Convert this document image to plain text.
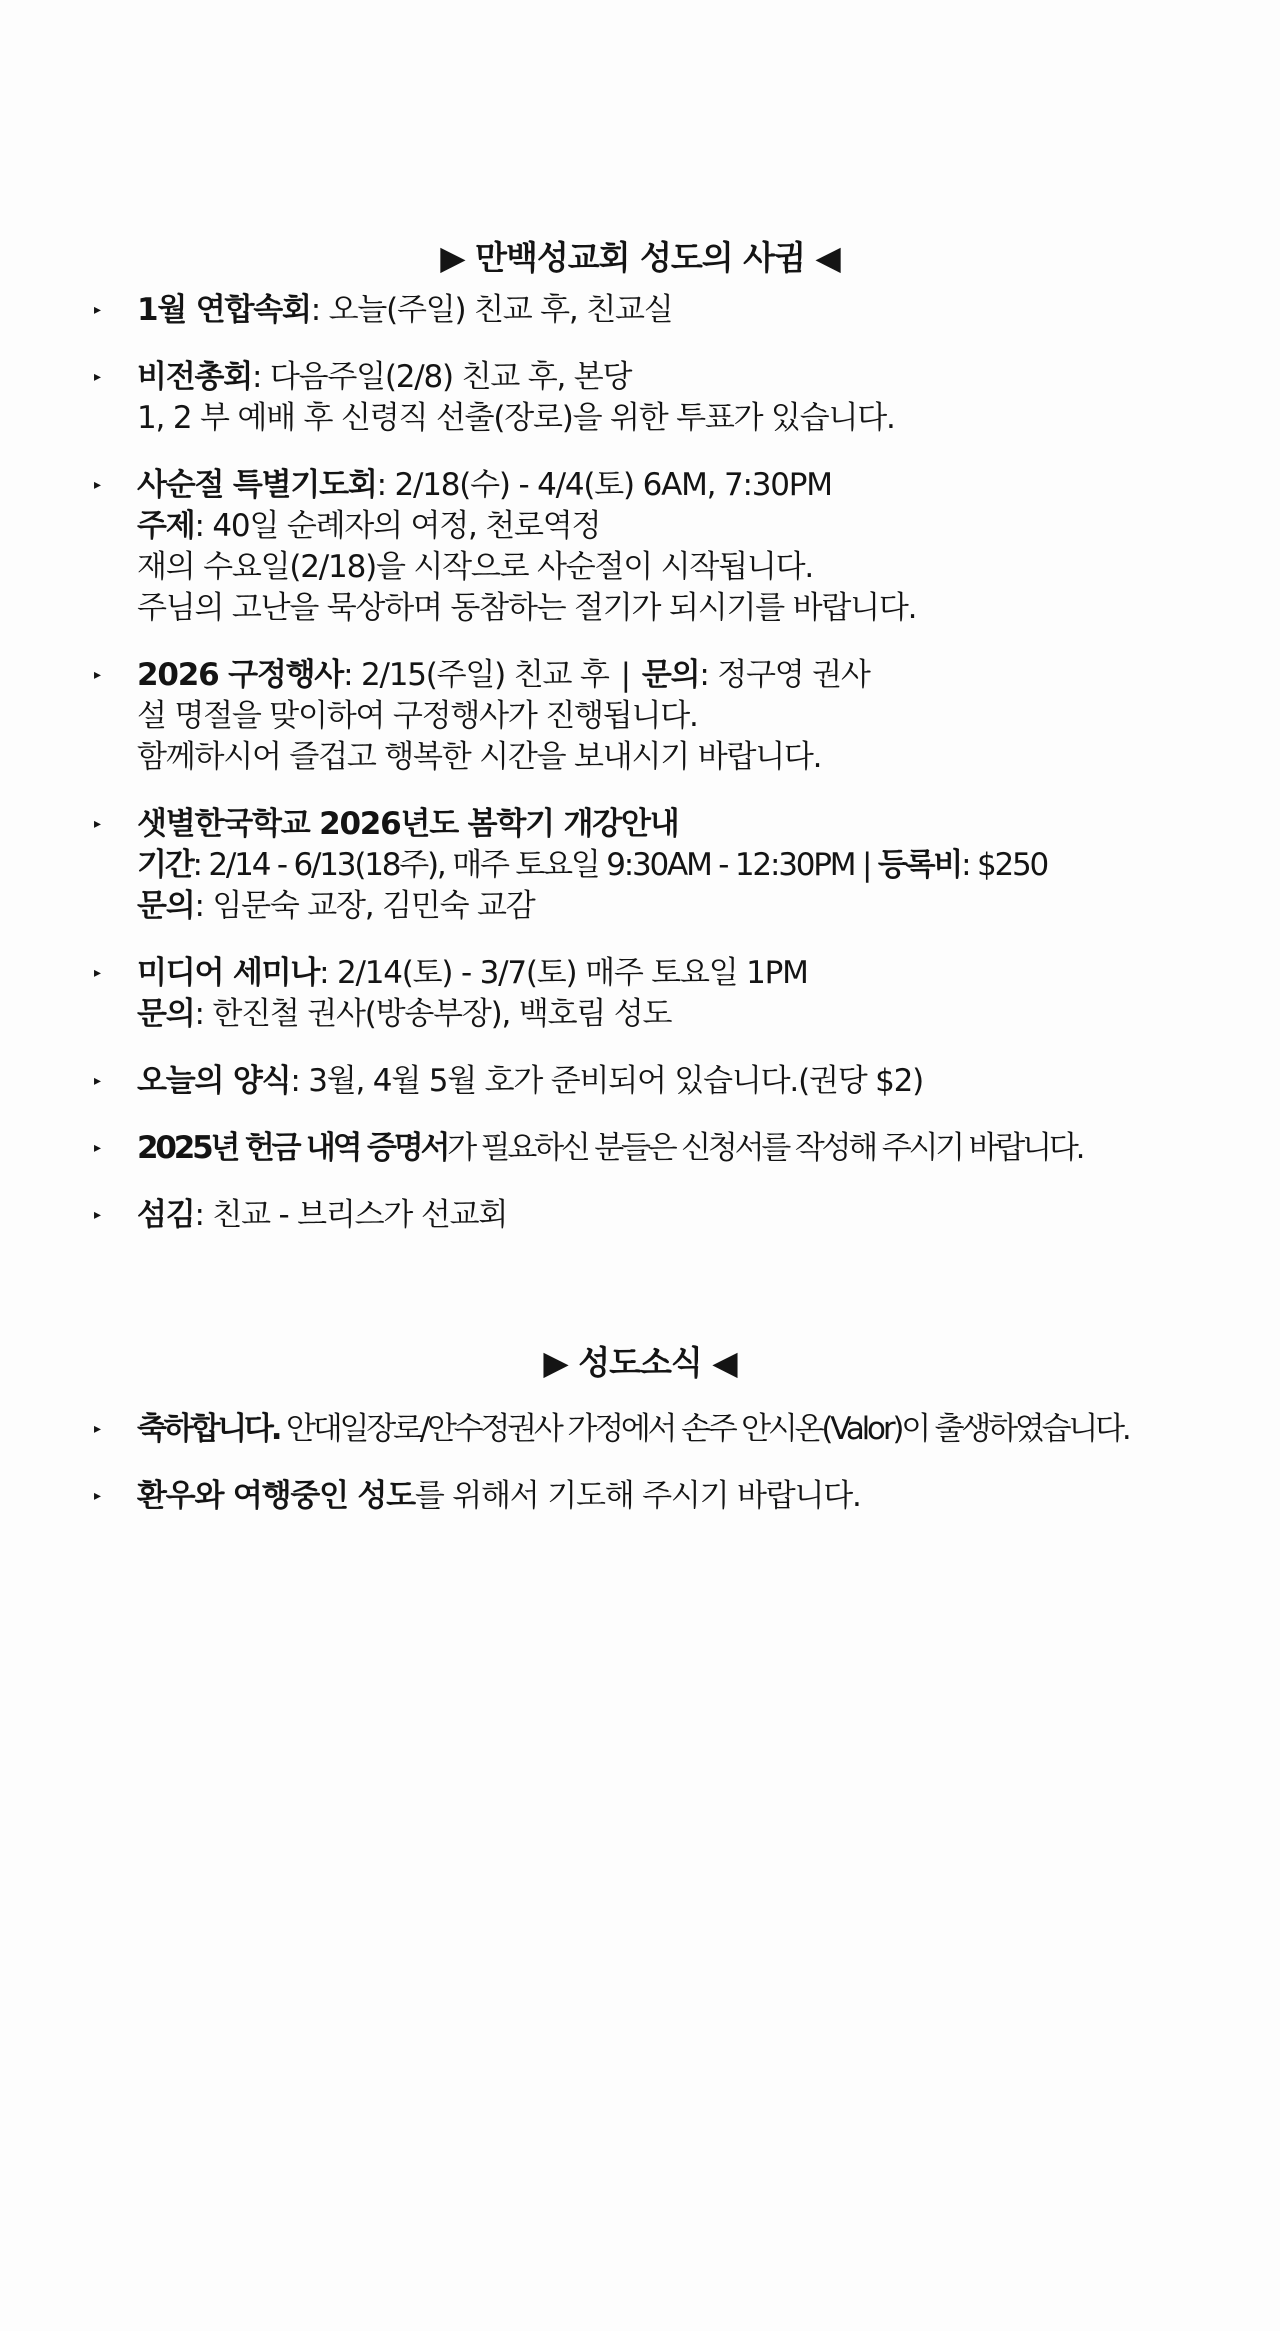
▶ 만백성교회 성도의 사귐 ◀
▸ 1월 연합속회: 오늘(주일) 친교 후, 친교실
▸ 비전총회: 다음주일(2/8) 친교 후, 본당
1, 2 부 예배 후 신령직 선출(장로)을 위한 투표가 있습니다.
▸ 사순절 특별기도회: 2/18(수) - 4/4(토) 6AM, 7:30PM
주제: 40일 순례자의 여정, 천로역정
재의 수요일(2/18)을 시작으로 사순절이 시작됩니다.
주님의 고난을 묵상하며 동참하는 절기가 되시기를 바랍니다.
▸ 2026 구정행사: 2/15(주일) 친교 후 | 문의: 정구영 권사
설 명절을 맞이하여 구정행사가 진행됩니다.
함께하시어 즐겁고 행복한 시간을 보내시기 바랍니다.
▸ 샛별한국학교 2026년도 봄학기 개강안내
기간: 2/14 - 6/13(18주), 매주 토요일 9:30AM - 12:30PM | 등록비: $250
문의: 임문숙 교장, 김민숙 교감
▸ 미디어 세미나: 2/14(토) - 3/7(토) 매주 토요일 1PM
문의: 한진철 권사(방송부장), 백호림 성도
▸ 오늘의 양식: 3월, 4월 5월 호가 준비되어 있습니다.(권당 $2)
▸ 2025년 헌금 내역 증명서가 필요하신 분들은 신청서를 작성해 주시기 바랍니다.
▸ 섬김: 친교 - 브리스가 선교회
▶ 성도소식 ◀
▸ 축하합니다. 안대일장로/안수정권사 가정에서 손주 안시온(Valor)이 출생하였습니다.
▸ 환우와 여행중인 성도를 위해서 기도해 주시기 바랍니다.
